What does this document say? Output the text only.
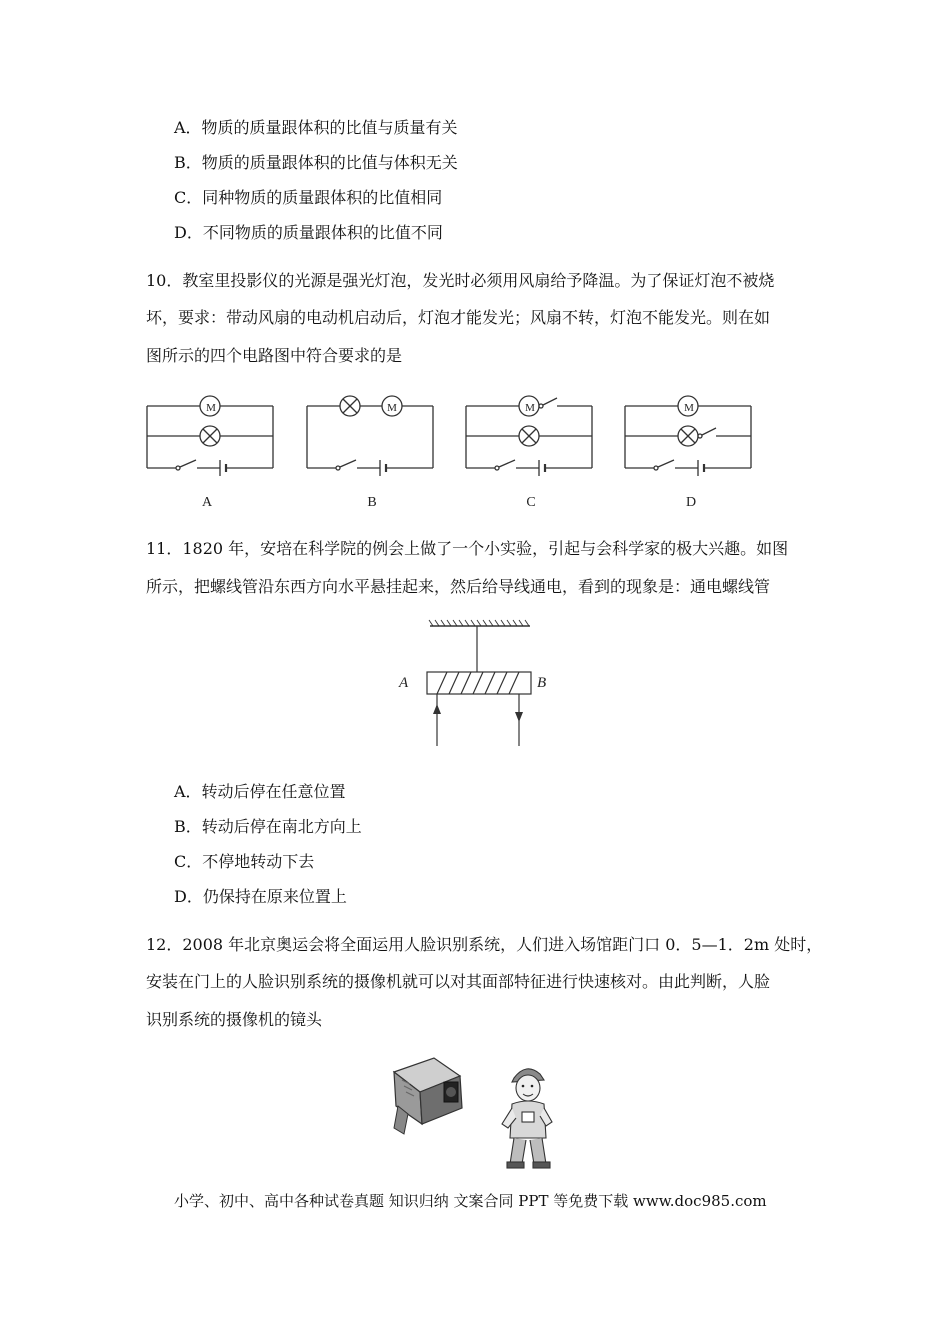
A．物质的质量跟体积的比值与质量有关
B．物质的质量跟体积的比值与体积无关
C．同种物质的质量跟体积的比值相同
D．不同物质的质量跟体积的比值不同
10．教室里投影仪的光源是强光灯泡，发光时必须用风扇给予降温。为了保证灯泡不被烧
坏，要求：带动风扇的电动机启动后，灯泡才能发光；风扇不转，灯泡不能发光。则在如
图所示的四个电路图中符合要求的是
M	M	M	M
A	B	C	D
11．1820 年，安培在科学院的例会上做了一个小实验，引起与会科学家的极大兴趣。如图
所示，把螺线管沿东西方向水平悬挂起来，然后给导线通电，看到的现象是：通电螺线管
A	B
A．转动后停在任意位置
B．转动后停在南北方向上
C．不停地转动下去
D．仍保持在原来位置上
12．2008 年北京奥运会将全面运用人脸识别系统，人们进入场馆距门口 0．5—1．2m 处时，
安装在门上的人脸识别系统的摄像机就可以对其面部特征进行快速核对。由此判断，人脸
识别系统的摄像机的镜头
小学、初中、高中各种试卷真题 知识归纳 文案合同 PPT 等免费下载 www.doc985.com
